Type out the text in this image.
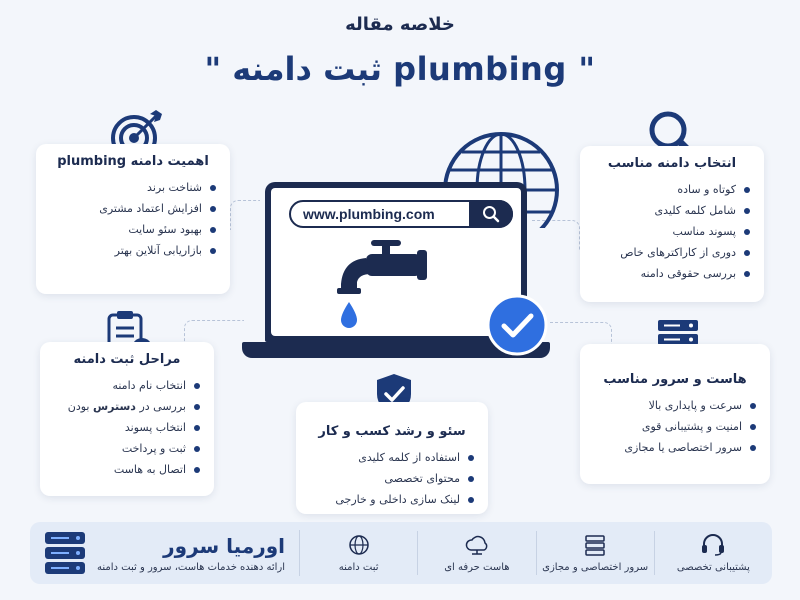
خلاصه مقاله
" ثبت دامنه plumbing "
اهمیت دامنه plumbing
شناخت برند
افزایش اعتماد مشتری
بهبود سئو سایت
بازاریابی آنلاین بهتر
انتخاب دامنه مناسب
کوتاه و ساده
شامل کلمه کلیدی
پسوند مناسب
دوری از کاراکترهای خاص
بررسی حقوقی دامنه
www.plumbing.com
مراحل ثبت دامنه
انتخاب نام دامنه
بررسی در دسترس بودن
انتخاب پسوند
ثبت و پرداخت
اتصال به هاست
سئو و رشد کسب و کار
استفاده از کلمه کلیدی
محتوای تخصصی
لینک سازی داخلی و خارجی
هاست و سرور مناسب
سرعت و پایداری بالا
امنیت و پشتیبانی قوی
سرور اختصاصی یا مجازی
پشتیبانی تخصصی
سرور اختصاصی و مجازی
هاست حرفه ای
ثبت دامنه
اورمیا سرور
ارائه دهنده خدمات هاست، سرور و ثبت دامنه
